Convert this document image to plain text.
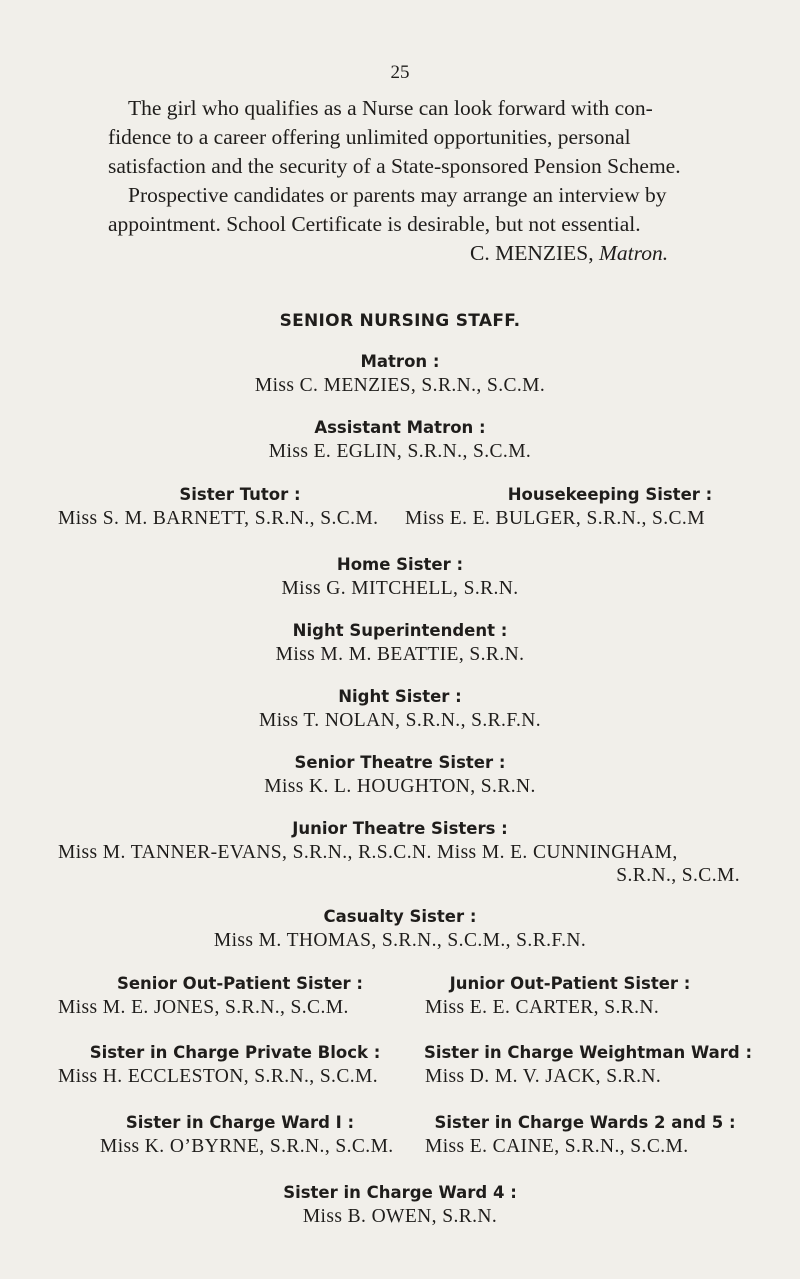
25
The girl who qualifies as a Nurse can look forward with con-
fidence to a career offering unlimited opportunities, personal
satisfaction and the security of a State-sponsored Pension Scheme.
Prospective candidates or parents may arrange an interview by
appointment. School Certificate is desirable, but not essential.
C. MENZIES, Matron.
SENIOR NURSING STAFF.
Matron :
Miss C. MENZIES, S.R.N., S.C.M.
Assistant Matron :
Miss E. EGLIN, S.R.N., S.C.M.
Sister Tutor :
Miss S. M. BARNETT, S.R.N., S.C.M.
Housekeeping Sister :
Miss E. E. BULGER, S.R.N., S.C.M
Home Sister :
Miss G. MITCHELL, S.R.N.
Night Superintendent :
Miss M. M. BEATTIE, S.R.N.
Night Sister :
Miss T. NOLAN, S.R.N., S.R.F.N.
Senior Theatre Sister :
Miss K. L. HOUGHTON, S.R.N.
Junior Theatre Sisters :
Miss M. TANNER-EVANS, S.R.N., R.S.C.N. Miss M. E. CUNNINGHAM,
S.R.N., S.C.M.
Casualty Sister :
Miss M. THOMAS, S.R.N., S.C.M., S.R.F.N.
Senior Out-Patient Sister :
Miss M. E. JONES, S.R.N., S.C.M.
Junior Out-Patient Sister :
Miss E. E. CARTER, S.R.N.
Sister in Charge Private Block :
Miss H. ECCLESTON, S.R.N., S.C.M.
Sister in Charge Weightman Ward :
Miss D. M. V. JACK, S.R.N.
Sister in Charge Ward I :
Miss K. O’BYRNE, S.R.N., S.C.M.
Sister in Charge Wards 2 and 5 :
Miss E. CAINE, S.R.N., S.C.M.
Sister in Charge Ward 4 :
Miss B. OWEN, S.R.N.
